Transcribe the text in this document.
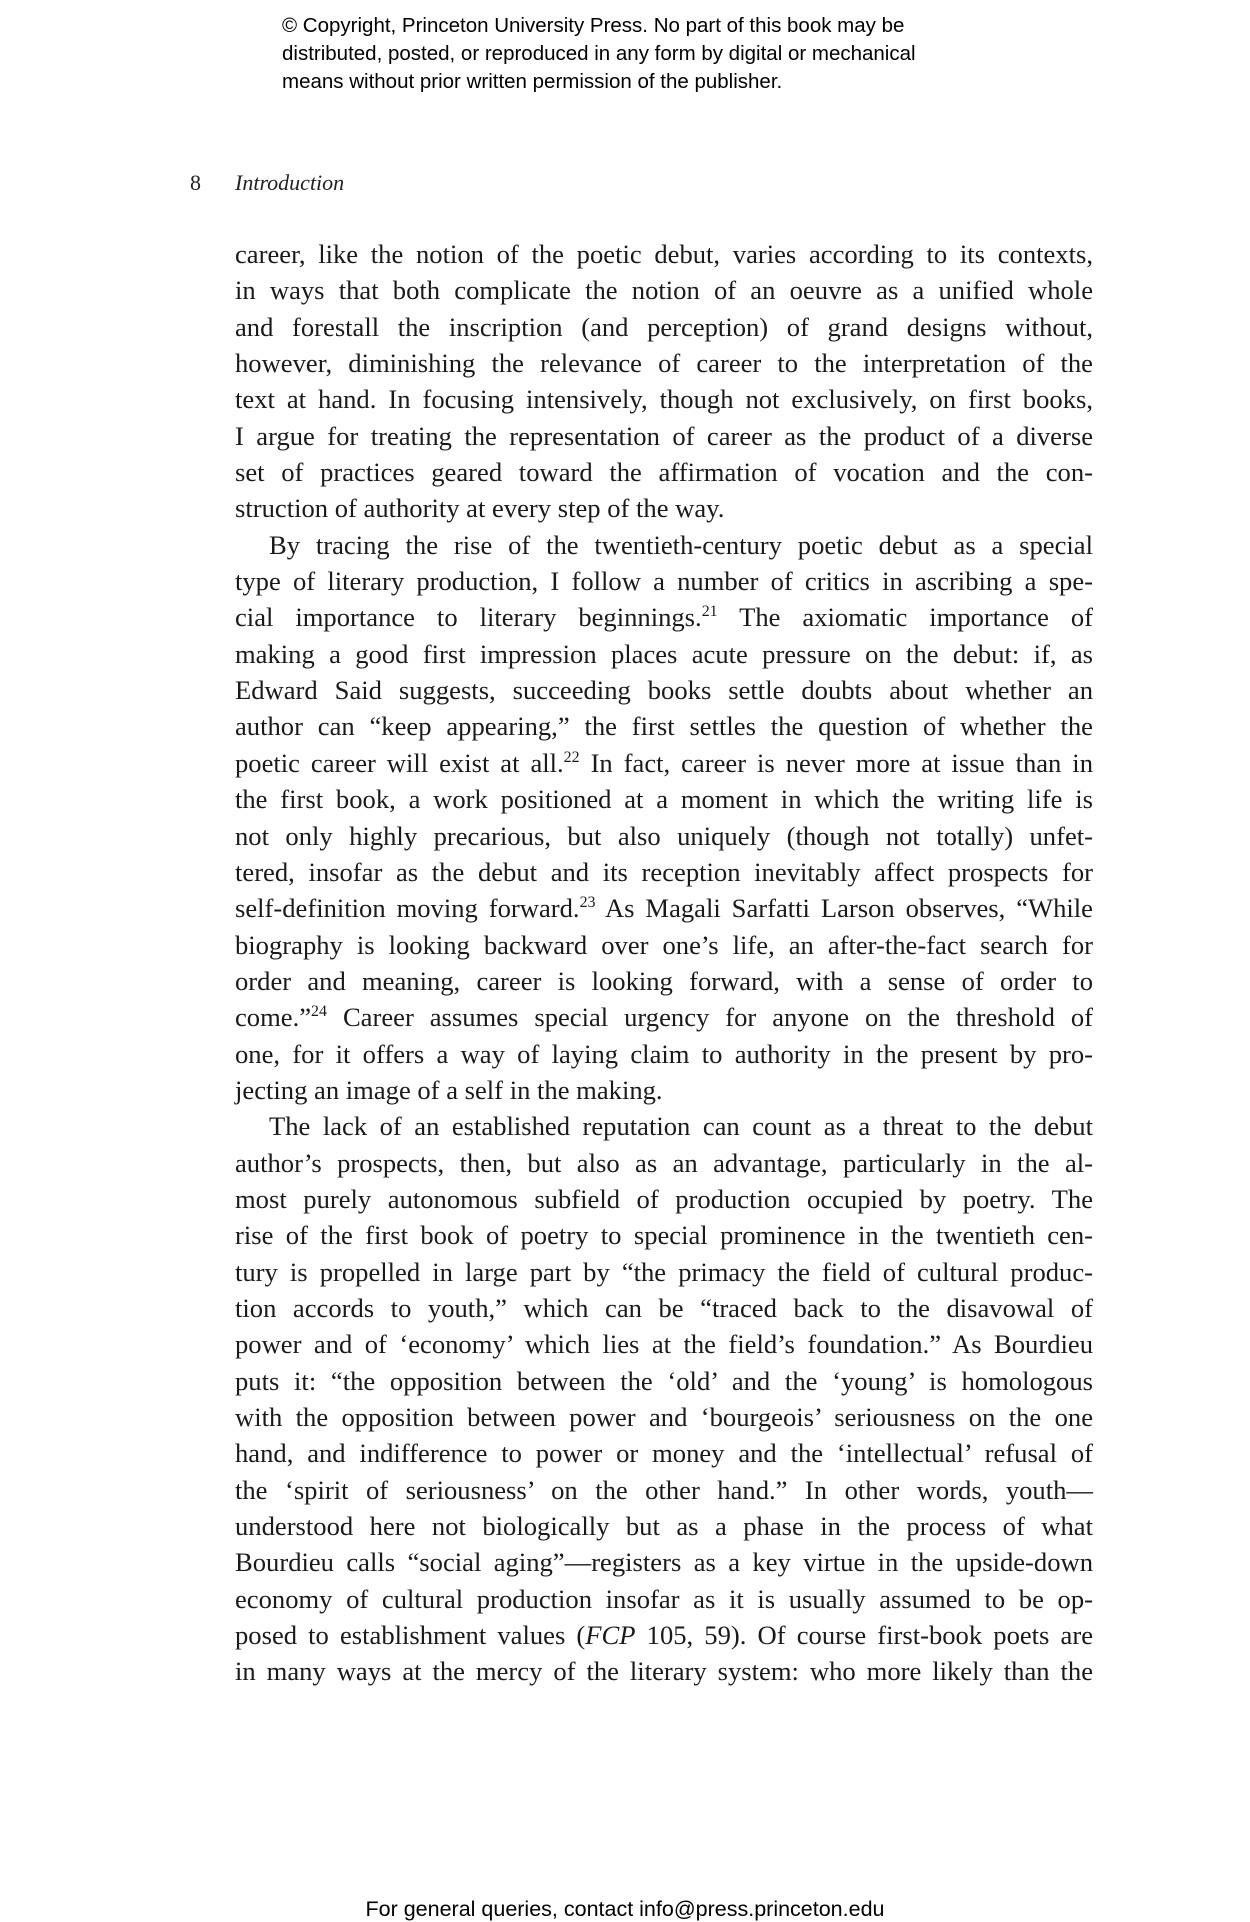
© Copyright, Princeton University Press. No part of this book may be
distributed, posted, or reproduced in any form by digital or mechanical
means without prior written permission of the publisher.
8 Introduction
career, like the notion of the poetic debut, varies according to its contexts,
in ways that both complicate the notion of an oeuvre as a unified whole
and forestall the inscription (and perception) of grand designs without,
however, diminishing the relevance of career to the interpretation of the
text at hand. In focusing intensively, though not exclusively, on first books,
I argue for treating the representation of career as the product of a diverse
set of practices geared toward the affirmation of vocation and the con-
struction of authority at every step of the way.
By tracing the rise of the twentieth-century poetic debut as a special
type of literary production, I follow a number of critics in ascribing a spe-
cial importance to literary beginnings.$^{21}$ The axiomatic importance of
making a good first impression places acute pressure on the debut: if, as
Edward Said suggests, succeeding books settle doubts about whether an
author can “keep appearing,” the first settles the question of whether the
poetic career will exist at all.$^{22}$ In fact, career is never more at issue than in
the first book, a work positioned at a moment in which the writing life is
not only highly precarious, but also uniquely (though not totally) unfet-
tered, insofar as the debut and its reception inevitably affect prospects for
self-definition moving forward.$^{23}$ As Magali Sarfatti Larson observes, “While
biography is looking backward over one’s life, an after-the-fact search for
order and meaning, career is looking forward, with a sense of order to
come.”$^{24}$ Career assumes special urgency for anyone on the threshold of
one, for it offers a way of laying claim to authority in the present by pro-
jecting an image of a self in the making.
The lack of an established reputation can count as a threat to the debut
author’s prospects, then, but also as an advantage, particularly in the al-
most purely autonomous subfield of production occupied by poetry. The
rise of the first book of poetry to special prominence in the twentieth cen-
tury is propelled in large part by “the primacy the field of cultural produc-
tion accords to youth,” which can be “traced back to the disavowal of
power and of ‘economy’ which lies at the field’s foundation.” As Bourdieu
puts it: “the opposition between the ‘old’ and the ‘young’ is homologous
with the opposition between power and ‘bourgeois’ seriousness on the one
hand, and indifference to power or money and the ‘intellectual’ refusal of
the ‘spirit of seriousness’ on the other hand.” In other words, youth—
understood here not biologically but as a phase in the process of what
Bourdieu calls “social aging”—registers as a key virtue in the upside-down
economy of cultural production insofar as it is usually assumed to be op-
posed to establishment values (FCP 105, 59). Of course first-book poets are
in many ways at the mercy of the literary system: who more likely than the
For general queries, contact info@press.princeton.edu
